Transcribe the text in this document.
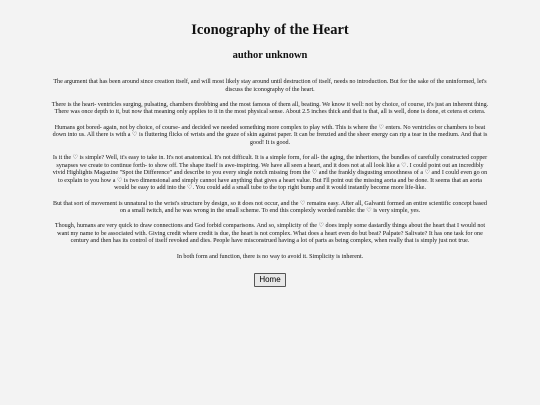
Iconography of the Heart
author unknown

The argument that has been around since creation itself, and will most likely stay around until destruction of itself, needs no introduction. But for the sake of the uninformed, let's discuss the iconography of the heart.

There is the heart- ventricles surging, pulsating, chambers throbbing and the most famous of them all, beating. We know it well: not by choice, of course, it's just an inherent thing. There was once depth to it, but now that meaning only applies to it in the most physical sense. About 2.5 inches thick and that is that, all is well, done is done, et cetera et cetera.

Humans got bored- again, not by choice, of course- and decided we needed something more complex to play with. This is where the ♡ enters. No ventricles or chambers to beat down into us. All there is with a ♡ is fluttering flicks of wrists and the graze of skin against paper. It can be frenzied and the sheer energy can rip a tear in the medium. And that is good! It is good.

Is it the ♡ is simple? Well, it's easy to take in. It's not anatomical. It's not difficult. It is a simple form, for all- the aging, the inheritors, the bundles of carefully constructed copper synapses we create to continue forth- to show off. The shape itself is awe-inspiring. We have all seen a heart, and it does not at all look like a ♡. I could point out an incredibly vivid Highlights Magazine "Spot the Difference" and describe to you every single notch missing from the ♡ and the frankly disgusting smoothness of a ♡ and I could even go on to explain to you how a ♡ is two dimensional and simply cannot have anything that gives a heart value. But I'll point out the missing aorta and be done. It seems that an aorta would be easy to add into the ♡. You could add a small tube to the top right bump and it would instantly become more life-like.

But that sort of movement is unnatural to the wrist's structure by design, so it does not occur, and the ♡ remains easy. After all, Galvanti formed an entire scientific concept based on a small twitch, and he was wrong in the small scheme. To end this complexly worded ramble: the ♡ is very simple, yes.

Though, humans are very quick to draw connections and God forbid comparisons. And so, simplicity of the ♡ does imply some dastardly things about the heart that I would not want my name to be associated with. Giving credit where credit is due, the heart is not complex. What does a heart even do but beat? Palpate? Salivate? It has one task for one century and then has its control of itself revoked and dies. People have misconstrued having a lot of parts as being complex, when really that is simply just not true.

In both form and function, there is no way to avoid it. Simplicity is inherent.

Home
